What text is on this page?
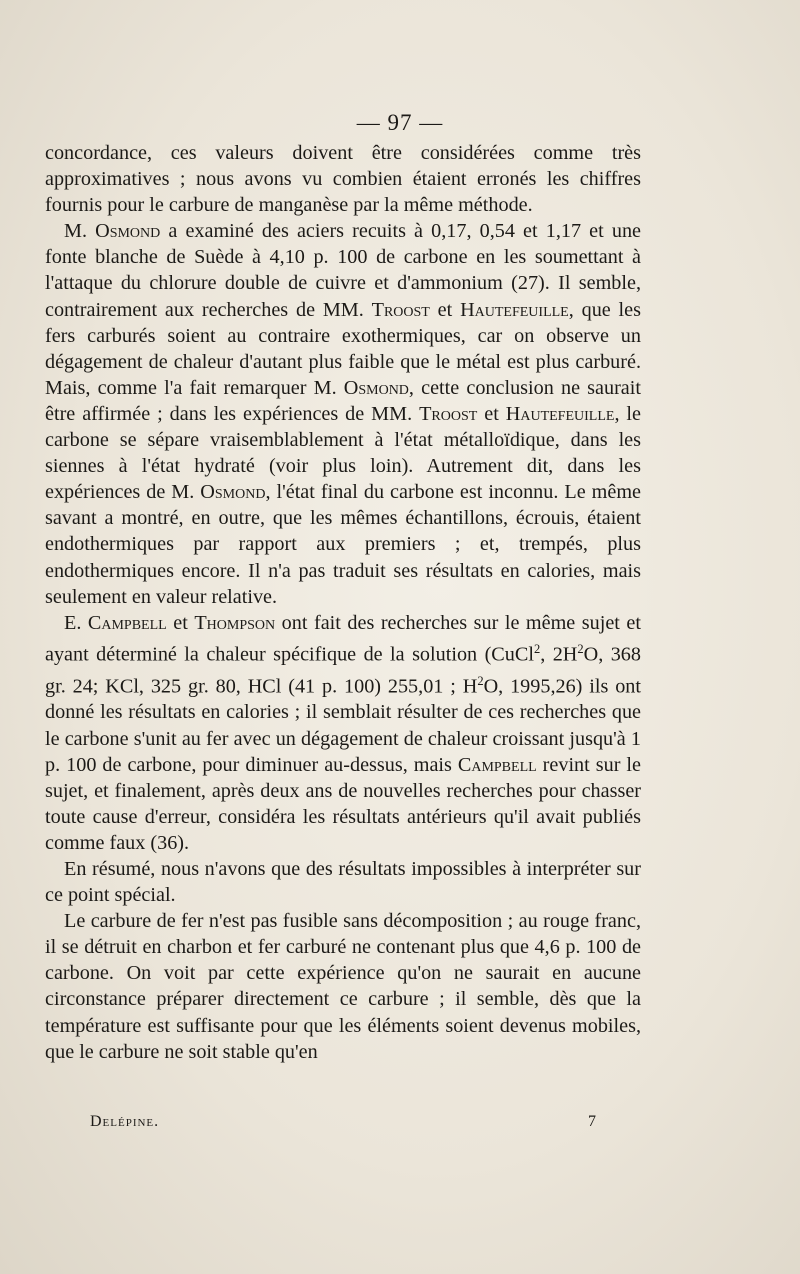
— 97 —

concordance, ces valeurs doivent être considérées comme très approximatives ; nous avons vu combien étaient erronés les chiffres fournis pour le carbure de manganèse par la même méthode.

M. Osmond a examiné des aciers recuits à 0,17, 0,54 et 1,17 et une fonte blanche de Suède à 4,10 p. 100 de carbone en les soumettant à l'attaque du chlorure double de cuivre et d'ammonium (27). Il semble, contrairement aux recherches de MM. Troost et Hautefeuille, que les fers carburés soient au contraire exothermiques, car on observe un dégagement de chaleur d'autant plus faible que le métal est plus carburé. Mais, comme l'a fait remarquer M. Osmond, cette conclusion ne saurait être affirmée ; dans les expériences de MM. Troost et Hautefeuille, le carbone se sépare vraisemblablement à l'état métalloïdique, dans les siennes à l'état hydraté (voir plus loin). Autrement dit, dans les expériences de M. Osmond, l'état final du carbone est inconnu. Le même savant a montré, en outre, que les mêmes échantillons, écrouis, étaient endothermiques par rapport aux premiers ; et, trempés, plus endothermiques encore. Il n'a pas traduit ses résultats en calories, mais seulement en valeur relative.

E. Campbell et Thompson ont fait des recherches sur le même sujet et ayant déterminé la chaleur spécifique de la solution (CuCl$^2$, $2H^2O$, 368 gr. 24; KCl, 325 gr. 80, HCl (41 p. 100) 255,01 ; $H^2O$, 1995,26) ils ont donné les résultats en calories ; il semblait résulter de ces recherches que le carbone s'unit au fer avec un dégagement de chaleur croissant jusqu'à 1 p. 100 de carbone, pour diminuer au-dessus, mais Campbell revint sur le sujet, et finalement, après deux ans de nouvelles recherches pour chasser toute cause d'erreur, considéra les résultats antérieurs qu'il avait publiés comme faux (36).

En résumé, nous n'avons que des résultats impossibles à interpréter sur ce point spécial.

Le carbure de fer n'est pas fusible sans décomposition ; au rouge franc, il se détruit en charbon et fer carburé ne contenant plus que 4,6 p. 100 de carbone. On voit par cette expérience qu'on ne saurait en aucune circonstance préparer directement ce carbure ; il semble, dès que la température est suffisante pour que les éléments soient devenus mobiles, que le carbure ne soit stable qu'en

Delépine.	7
